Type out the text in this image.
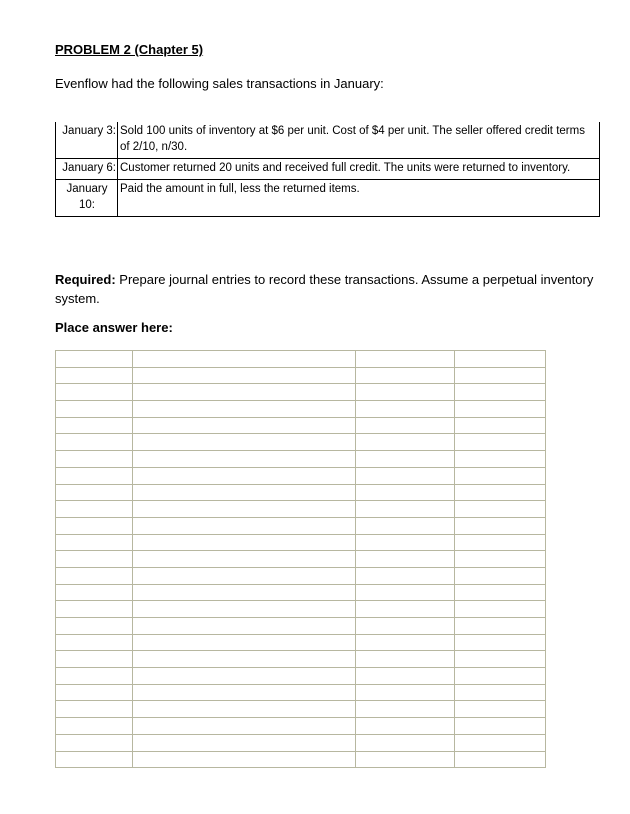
PROBLEM 2 (Chapter 5)
Evenflow had the following sales transactions in January:
January 3:	Sold 100 units of inventory at $6 per unit. Cost of $4 per unit. The seller offered credit terms of 2/10, n/30.
January 6:	Customer returned 20 units and received full credit. The units were returned to inventory.
January 10:	Paid the amount in full, less the returned items.
Required: Prepare journal entries to record these transactions. Assume a perpetual inventory system.
Place answer here:
